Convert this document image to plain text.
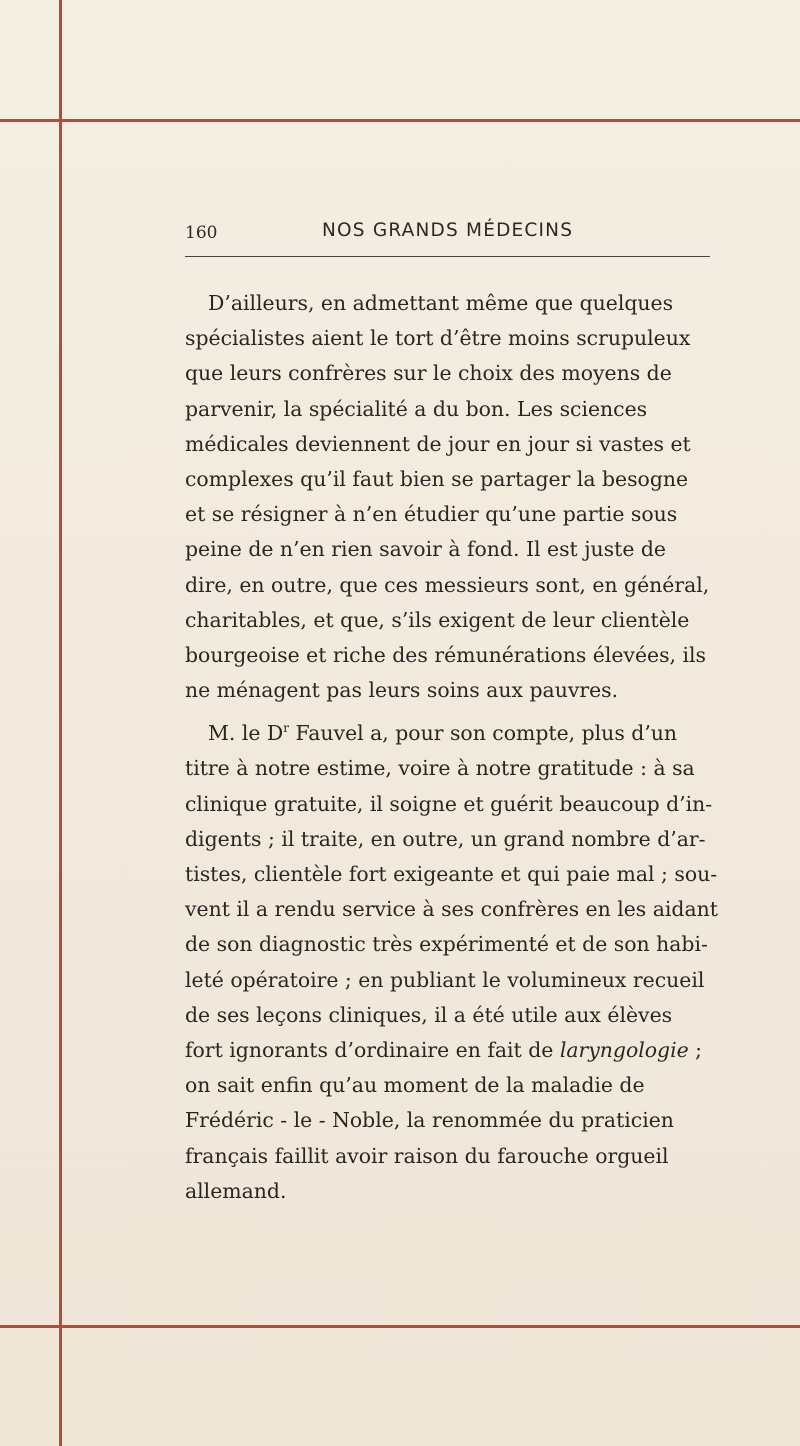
160	NOS GRANDS MÉDECINS
D’ailleurs, en admettant même que quelques
spécialistes aient le tort d’être moins scrupuleux
que leurs confrères sur le choix des moyens de
parvenir, la spécialité a du bon. Les sciences
médicales deviennent de jour en jour si vastes et
complexes qu’il faut bien se partager la besogne
et se résigner à n’en étudier qu’une partie sous
peine de n’en rien savoir à fond. Il est juste de
dire, en outre, que ces messieurs sont, en général,
charitables, et que, s’ils exigent de leur clientèle
bourgeoise et riche des rémunérations élevées, ils
ne ménagent pas leurs soins aux pauvres.
M. le $D^r$ Fauvel a, pour son compte, plus d’un
titre à notre estime, voire à notre gratitude : à sa
clinique gratuite, il soigne et guérit beaucoup d’in-
digents ; il traite, en outre, un grand nombre d’ar-
tistes, clientèle fort exigeante et qui paie mal ; sou-
vent il a rendu service à ses confrères en les aidant
de son diagnostic très expérimenté et de son habi-
leté opératoire ; en publiant le volumineux recueil
de ses leçons cliniques, il a été utile aux élèves
fort ignorants d’ordinaire en fait de laryngologie ;
on sait enfin qu’au moment de la maladie de
Frédéric - le - Noble, la renommée du praticien
français faillit avoir raison du farouche orgueil
allemand.
